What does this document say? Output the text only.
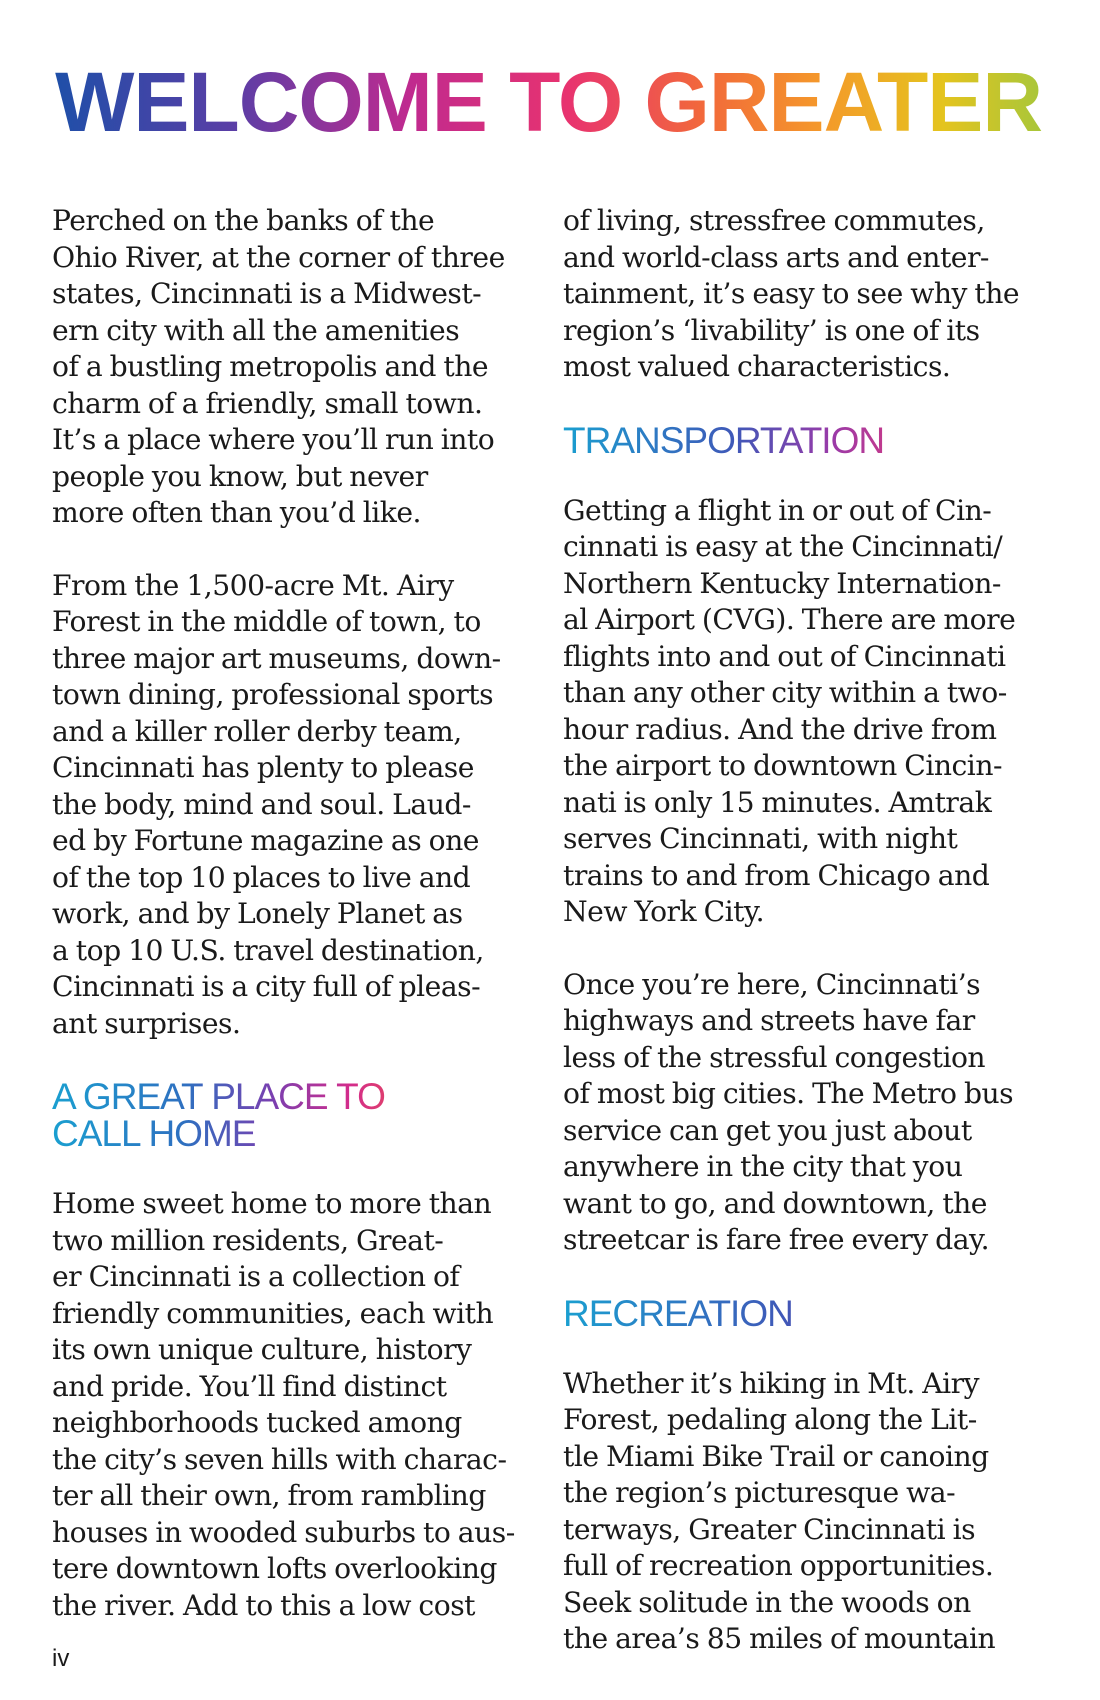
WELCOME TO GREATER

Perched on the banks of the
Ohio River, at the corner of three
states, Cincinnati is a Midwest-
ern city with all the amenities
of a bustling metropolis and the
charm of a friendly, small town.
It’s a place where you’ll run into
people you know, but never
more often than you’d like.

From the 1,500-acre Mt. Airy
Forest in the middle of town, to
three major art museums, down-
town dining, professional sports
and a killer roller derby team,
Cincinnati has plenty to please
the body, mind and soul. Laud-
ed by Fortune magazine as one
of the top 10 places to live and
work, and by Lonely Planet as
a top 10 U.S. travel destination,
Cincinnati is a city full of pleas-
ant surprises.

A GREAT PLACE TO
CALL HOME

Home sweet home to more than
two million residents, Great-
er Cincinnati is a collection of
friendly communities, each with
its own unique culture, history
and pride. You’ll find distinct
neighborhoods tucked among
the city’s seven hills with charac-
ter all their own, from rambling
houses in wooded suburbs to aus-
tere downtown lofts overlooking
the river. Add to this a low cost

of living, stressfree commutes,
and world-class arts and enter-
tainment, it’s easy to see why the
region’s ‘livability’ is one of its
most valued characteristics.

TRANSPORTATION

Getting a flight in or out of Cin-
cinnati is easy at the Cincinnati/
Northern Kentucky Internation-
al Airport (CVG). There are more
flights into and out of Cincinnati
than any other city within a two-
hour radius. And the drive from
the airport to downtown Cincin-
nati is only 15 minutes. Amtrak
serves Cincinnati, with night
trains to and from Chicago and
New York City.

Once you’re here, Cincinnati’s
highways and streets have far
less of the stressful congestion
of most big cities. The Metro bus
service can get you just about
anywhere in the city that you
want to go, and downtown, the
streetcar is fare free every day.

RECREATION

Whether it’s hiking in Mt. Airy
Forest, pedaling along the Lit-
tle Miami Bike Trail or canoing
the region’s picturesque wa-
terways, Greater Cincinnati is
full of recreation opportunities.
Seek solitude in the woods on
the area’s 85 miles of mountain

iv
